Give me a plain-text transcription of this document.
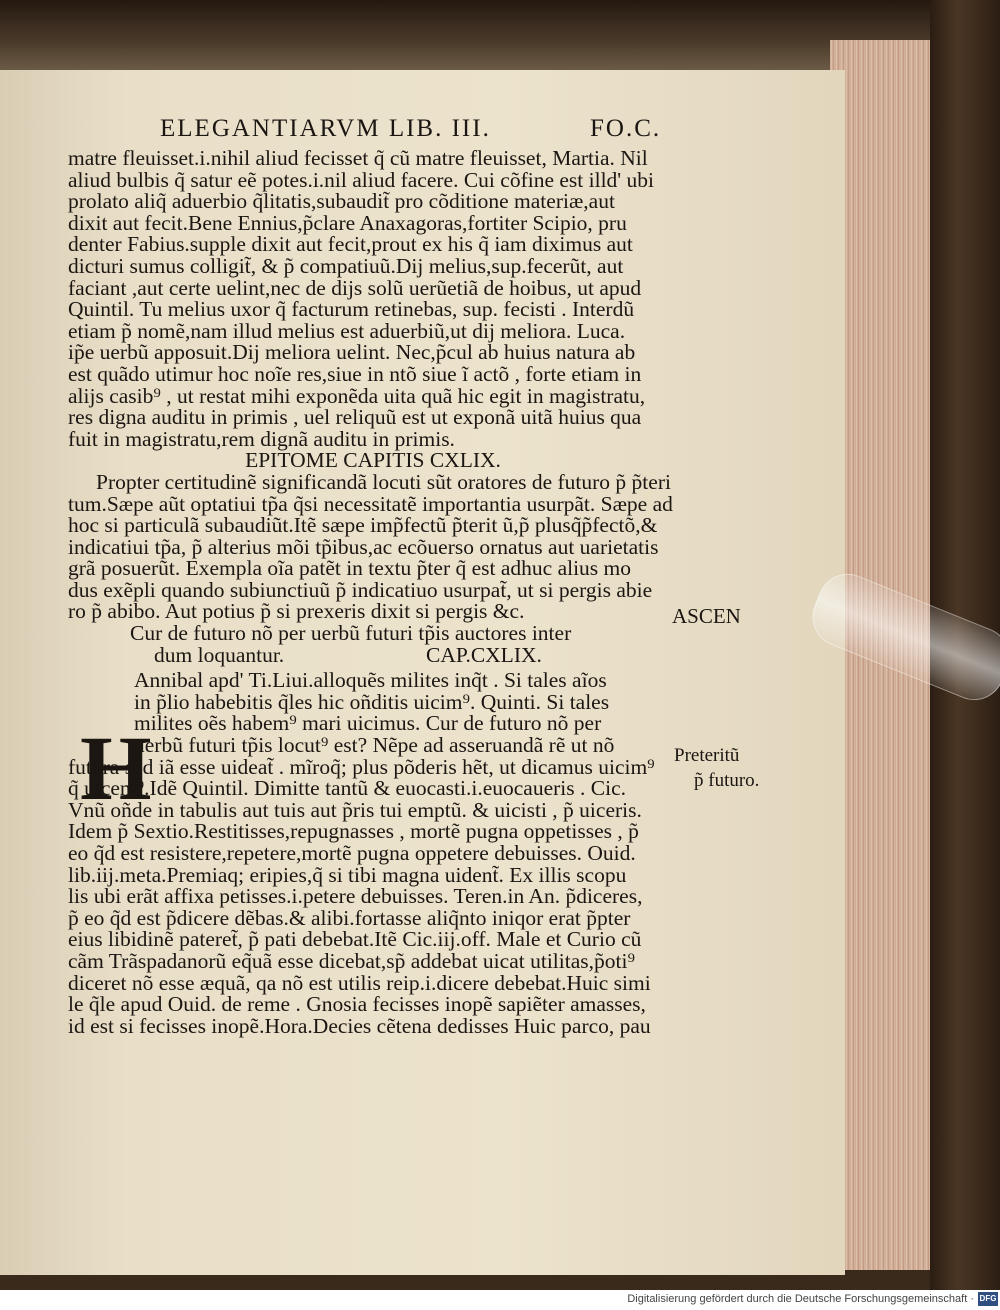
ELEGANTIARVM LIB. III.	FO.C.
matre fleuisset.i.nihil aliud fecisset q̃ cũ matre fleuisset, Martia. Nil
aliud bulbis q̃ satur eẽ potes.i.nil aliud facere. Cui cõfine est illd' ubi
prolato aliq̃ aduerbio q̃litatis,subaudit̃ pro cõditione materiæ,aut
dixit aut fecit.Bene Ennius,p̃clare Anaxagoras,fortiter Scipio, pru
denter Fabius.supple dixit aut fecit,prout ex his q̃ iam diximus aut
dicturi sumus colligit̃, & p̃ compatiuũ.Dij melius,sup.fecerũt, aut
faciant ,aut certe uelint,nec de dijs solũ uerũetiã de hoibus, ut apud
Quintil. Tu melius uxor q̃ facturum retinebas, sup. fecisti . Interdũ
etiam p̃ nomẽ,nam illud melius est aduerbiũ,ut dij meliora. Luca.
ip̃e uerbũ apposuit.Dij meliora uelint. Nec,p̃cul ab huius natura ab
est quãdo utimur hoc noĩe res,siue in ntõ siue ĩ actõ , forte etiam in
alijs casib⁹ , ut restat mihi exponẽda uita quã hic egit in magistratu,
res digna auditu in primis , uel reliquũ est ut exponã uitã huius qua
fuit in magistratu,rem dignã auditu in primis.
EPITOME CAPITIS CXLIX.
Propter certitudinẽ significandã locuti sũt oratores de futuro p̃ p̃teri
tum.Sæpe aũt optatiui tp̃a q̃si necessitatẽ importantia usurpãt. Sæpe ad
hoc si particulã subaudiũt.Itẽ sæpe imp̃fectũ p̃terit ũ,p̃ plusq̃p̃fectõ,&
indicatiui tp̃a, p̃ alterius mõi tp̃ibus,ac ecõuerso ornatus aut uarietatis
grã posuerũt. Exempla oĩa patẽt in textu p̃ter q̃ est adhuc alius mo
dus exẽpli quando subiunctiuũ p̃ indicatiuo usurpat̃, ut si pergis abie
ro p̃ abibo. Aut potius p̃ si prexeris dixit si pergis &c.
Cur de futuro nõ per uerbũ futuri tp̃is auctores inter
dum loquantur.	CAP.CXLIX.
Annibal apd' Ti.Liui.alloquẽs milites inq̃t . Si tales aĩos
in p̃lio habebitis q̃les hic oñditis uicim⁹. Quinti. Si tales
milites oẽs habem⁹ mari uicimus. Cur de futuro nõ per
uerbũ futuri tp̃is locut⁹ est? Nẽpe ad asseruandã rẽ ut nõ
futura sed iã esse uideat̃ . mĩroq̃; plus põderis hẽt, ut dicamus uicim⁹
q̃ uicem⁹.Idẽ Quintil. Dimitte tantũ & euocasti.i.euocaueris . Cic.
Vnũ oñde in tabulis aut tuis aut p̃ris tui emptũ. & uicisti , p̃ uiceris.
Idem p̃ Sextio.Restitisses,repugnasses , mortẽ pugna oppetisses , p̃
eo q̃d est resistere,repetere,mortẽ pugna oppetere debuisses. Ouid.
lib.iij.meta.Premiaq; eripies,q̃ si tibi magna uident̃. Ex illis scopu
lis ubi erãt affixa petisses.i.petere debuisses. Teren.in An. p̃diceres,
p̃ eo q̃d est p̃dicere dẽbas.& alibi.fortasse aliq̃nto iniqor erat p̃pter
eius libidinẽ pateret̃, p̃ pati debebat.Itẽ Cic.iij.off. Male et Curio cũ
cãm Trãspadanorũ eq̃uã esse dicebat,sp̃ addebat uicat utilitas,p̃oti⁹
diceret nõ esse æquã, qa nõ est utilis reip.i.dicere debebat.Huic simi
le q̃le apud Ouid. de reme . Gnosia fecisses inopẽ sapiẽter amasses,
id est si fecisses inopẽ.Hora.Decies cẽtena dedisses Huic parco, pau
H
ASCEN
Preteritũ
p̃ futuro.
Digitalisierung gefördert durch die Deutsche Forschungsgemeinschaft · DFG
